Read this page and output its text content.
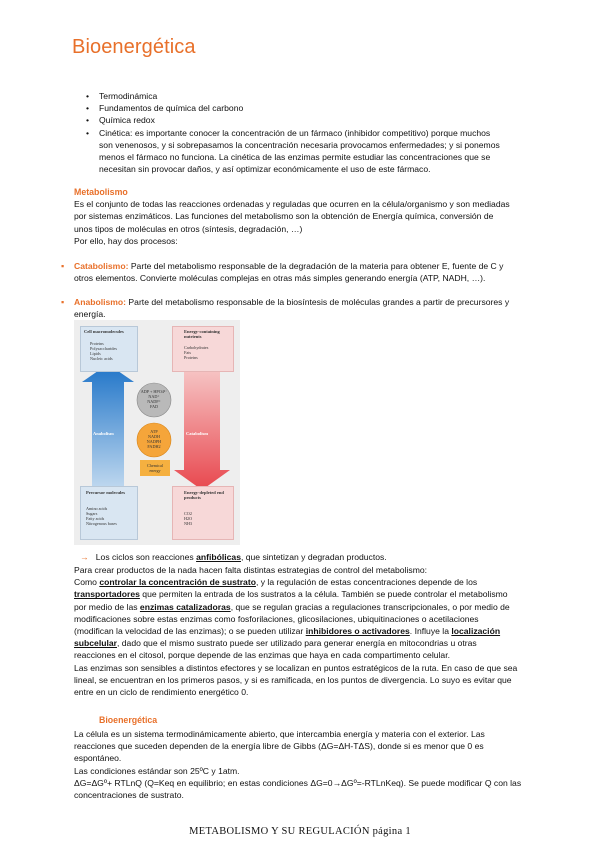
Bioenergética
• Termodinámica
• Fundamentos de química del carbono
• Química redox
• Cinética: es importante conocer la concentración de un fármaco (inhibidor competitivo) porque muchos
son venenosos, y si sobrepasamos la concentración necesaria provocamos enfermedades; y si ponemos
menos el fármaco no funciona. La cinética de las enzimas permite estudiar las concentraciones que se
necesitan sin provocar daños, y así optimizar económicamente el uso de este fármaco.
Metabolismo
Es el conjunto de todas las reacciones ordenadas y reguladas que ocurren en la célula/organismo y son mediadas
por sistemas enzimáticos. Las funciones del metabolismo son la obtención de Energía química, conversión de
unos tipos de moléculas en otros (síntesis, degradación, …)
Por ello, hay dos procesos:
▪ Catabolismo: Parte del metabolismo responsable de la degradación de la materia para obtener E, fuente de C y
otros elementos. Convierte moléculas complejas en otras más simples generando energía (ATP, NADH, …).
▪ Anabolismo: Parte del metabolismo responsable de la biosíntesis de moléculas grandes a partir de precursores y
energía.
Cell macromolecules
Proteins
Polysaccharides
Lipids
Nucleic acids
Energy-containing nutrients
Carbohydrates
Fats
Proteins
ADP + HPO4²⁻
NAD⁺
NADP⁺
FAD
ATP
NADH
NADPH
FADH2
Chemical energy
Anabolism	Catabolism
Precursor molecules
Amino acids
Sugars
Fatty acids
Nitrogenous bases
Energy-depleted end products
CO2
H2O
NH3
→ Los ciclos son reacciones anfibólicas, que sintetizan y degradan productos.
Para crear productos de la nada hacen falta distintas estrategias de control del metabolismo:
Como controlar la concentración de sustrato, y la regulación de estas concentraciones depende de los
transportadores que permiten la entrada de los sustratos a la célula. También se puede controlar el metabolismo
por medio de las enzimas catalizadoras, que se regulan gracias a regulaciones transcripcionales, o por medio de
modificaciones sobre estas enzimas como fosforilaciones, glicosilaciones, ubiquitinaciones o acetilaciones
(modifican la velocidad de las enzimas); o se pueden utilizar inhibidores o activadores. Influye la localización
subcelular, dado que el mismo sustrato puede ser utilizado para generar energía en mitocondrias u otras
reacciones en el citosol, porque depende de las enzimas que haya en cada compartimento celular.
Las enzimas son sensibles a distintos efectores y se localizan en puntos estratégicos de la ruta. En caso de que sea
lineal, se encuentran en los primeros pasos, y si es ramificada, en los puntos de divergencia. Lo suyo es evitar que
entre en un ciclo de rendimiento energético 0.
Bioenergética
La célula es un sistema termodinámicamente abierto, que intercambia energía y materia con el exterior. Las
reacciones que suceden dependen de la energía libre de Gibbs (ΔG=ΔH-TΔS), donde si es menor que 0 es
espontáneo.
Las condiciones estándar son 25ºC y 1atm.
ΔG=ΔGº+ RTLnQ (Q=Keq en equilibrio; en estas condiciones ΔG=0→ΔGº=-RTLnKeq). Se puede modificar Q con las
concentraciones de sustrato.
METABOLISMO Y SU REGULACIÓN página 1
